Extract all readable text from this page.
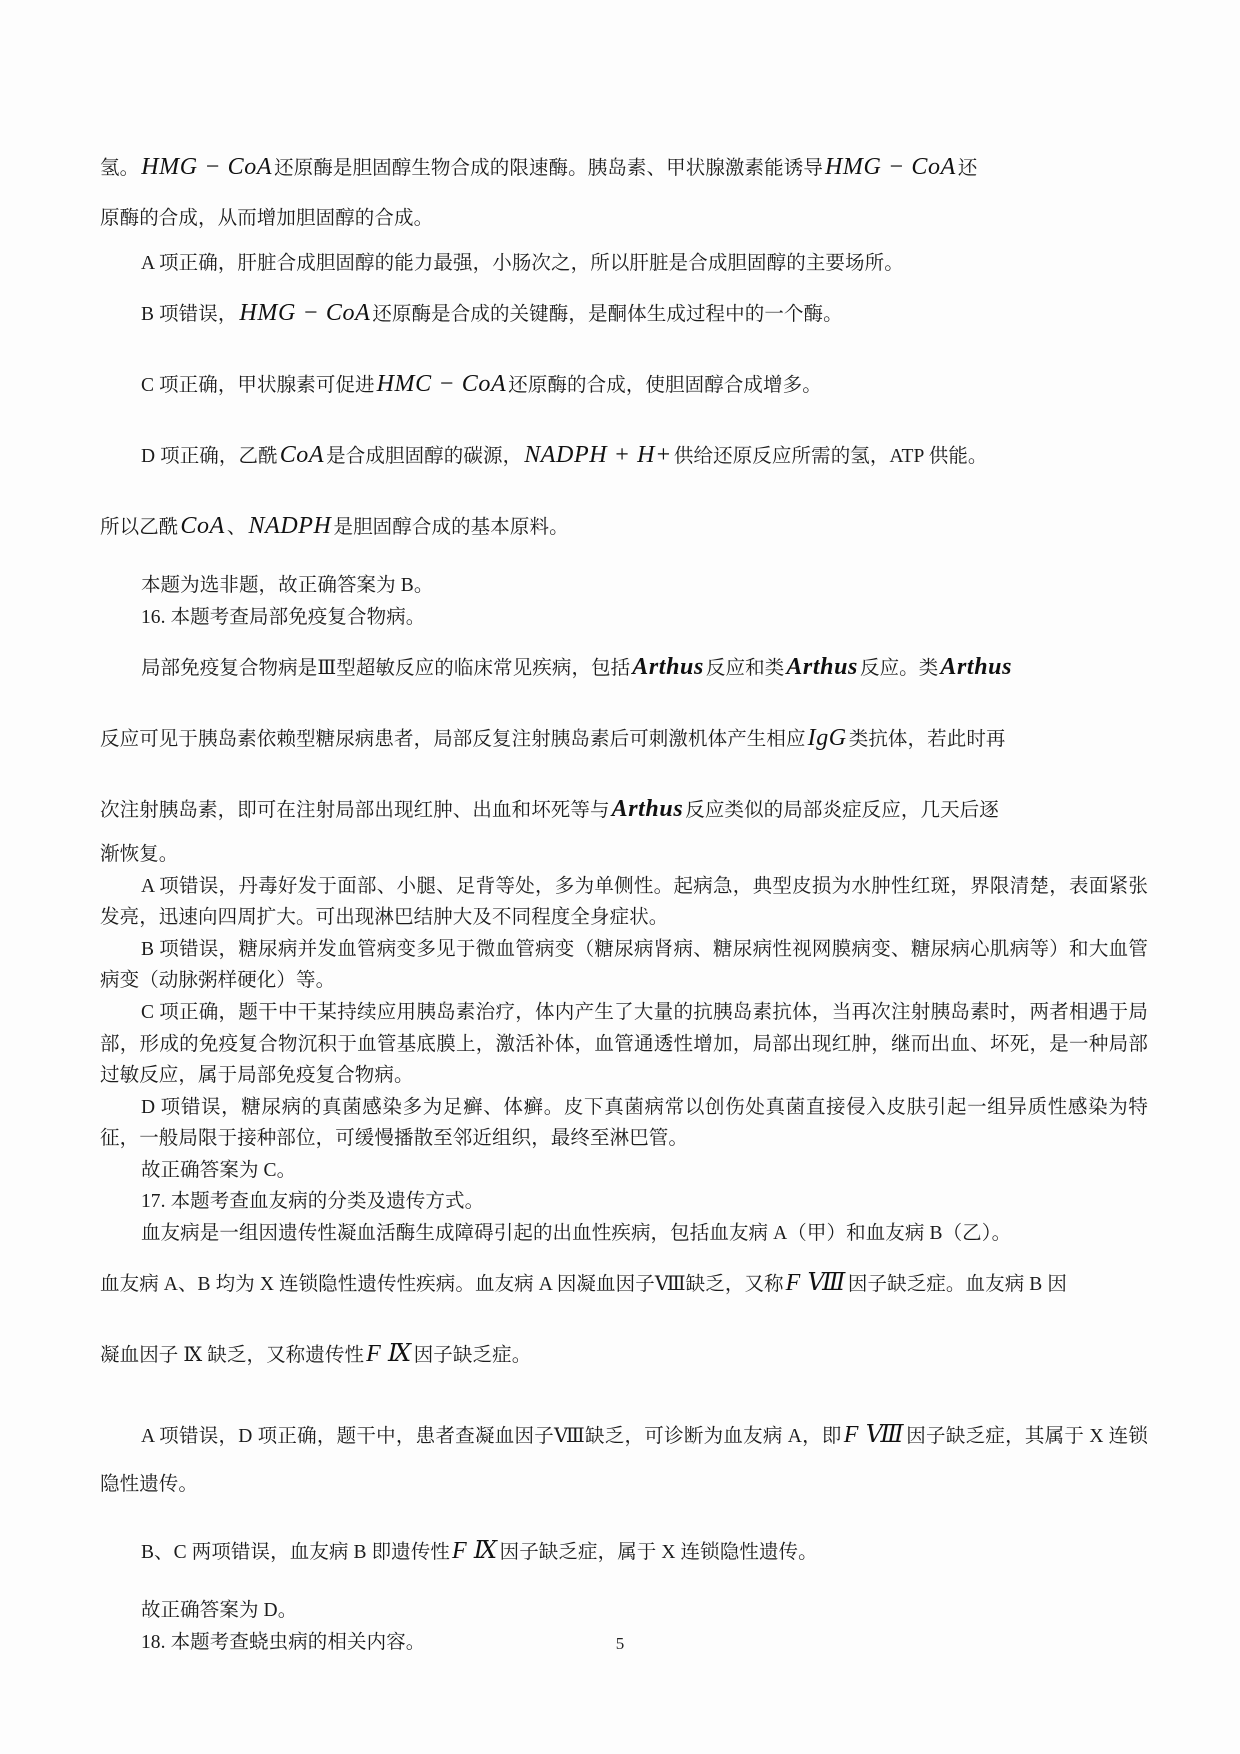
氢。HMG − CoA 还原酶是胆固醇生物合成的限速酶。胰岛素、甲状腺激素能诱导HMG − CoA 还

原酶的合成，从而增加胆固醇的合成。

A 项正确，肝脏合成胆固醇的能力最强，小肠次之，所以肝脏是合成胆固醇的主要场所。

B 项错误，HMG − CoA 还原酶是合成的关键酶，是酮体生成过程中的一个酶。

C 项正确，甲状腺素可促进HMC − CoA 还原酶的合成，使胆固醇合成增多。

D 项正确，乙酰CoA 是合成胆固醇的碳源，NADPH + H+ 供给还原反应所需的氢，ATP 供能。

所以乙酰CoA 、NADPH 是胆固醇合成的基本原料。

本题为选非题，故正确答案为 B。

16. 本题考查局部免疫复合物病。

局部免疫复合物病是Ⅲ型超敏反应的临床常见疾病，包括Arthus 反应和类Arthus 反应。类Arthus

反应可见于胰岛素依赖型糖尿病患者，局部反复注射胰岛素后可刺激机体产生相应IgG 类抗体，若此时再

次注射胰岛素，即可在注射局部出现红肿、出血和坏死等与Arthus 反应类似的局部炎症反应，几天后逐

渐恢复。

A 项错误，丹毒好发于面部、小腿、足背等处，多为单侧性。起病急，典型皮损为水肿性红斑，界限清楚，表面紧张发亮，迅速向四周扩大。可出现淋巴结肿大及不同程度全身症状。

B 项错误，糖尿病并发血管病变多见于微血管病变（糖尿病肾病、糖尿病性视网膜病变、糖尿病心肌病等）和大血管病变（动脉粥样硬化）等。

C 项正确，题干中干某持续应用胰岛素治疗，体内产生了大量的抗胰岛素抗体，当再次注射胰岛素时，两者相遇于局部，形成的免疫复合物沉积于血管基底膜上，激活补体，血管通透性增加，局部出现红肿，继而出血、坏死，是一种局部过敏反应，属于局部免疫复合物病。

D 项错误，糖尿病的真菌感染多为足癣、体癣。皮下真菌病常以创伤处真菌直接侵入皮肤引起一组异质性感染为特征，一般局限于接种部位，可缓慢播散至邻近组织，最终至淋巴管。

故正确答案为 C。

17. 本题考查血友病的分类及遗传方式。

血友病是一组因遗传性凝血活酶生成障碍引起的出血性疾病，包括血友病 A（甲）和血友病 B（乙）。

血友病 A、B 均为 X 连锁隐性遗传性疾病。血友病 A 因凝血因子Ⅷ缺乏，又称F Ⅷ 因子缺乏症。血友病 B 因

凝血因子 Ⅸ 缺乏，又称遗传性F Ⅸ 因子缺乏症。

A 项错误，D 项正确，题干中，患者查凝血因子Ⅷ缺乏，可诊断为血友病 A，即F Ⅷ 因子缺乏症，其属于 X 连锁隐性遗传。

B、C 两项错误，血友病 B 即遗传性F Ⅸ 因子缺乏症，属于 X 连锁隐性遗传。

故正确答案为 D。

18. 本题考查蛲虫病的相关内容。	5
